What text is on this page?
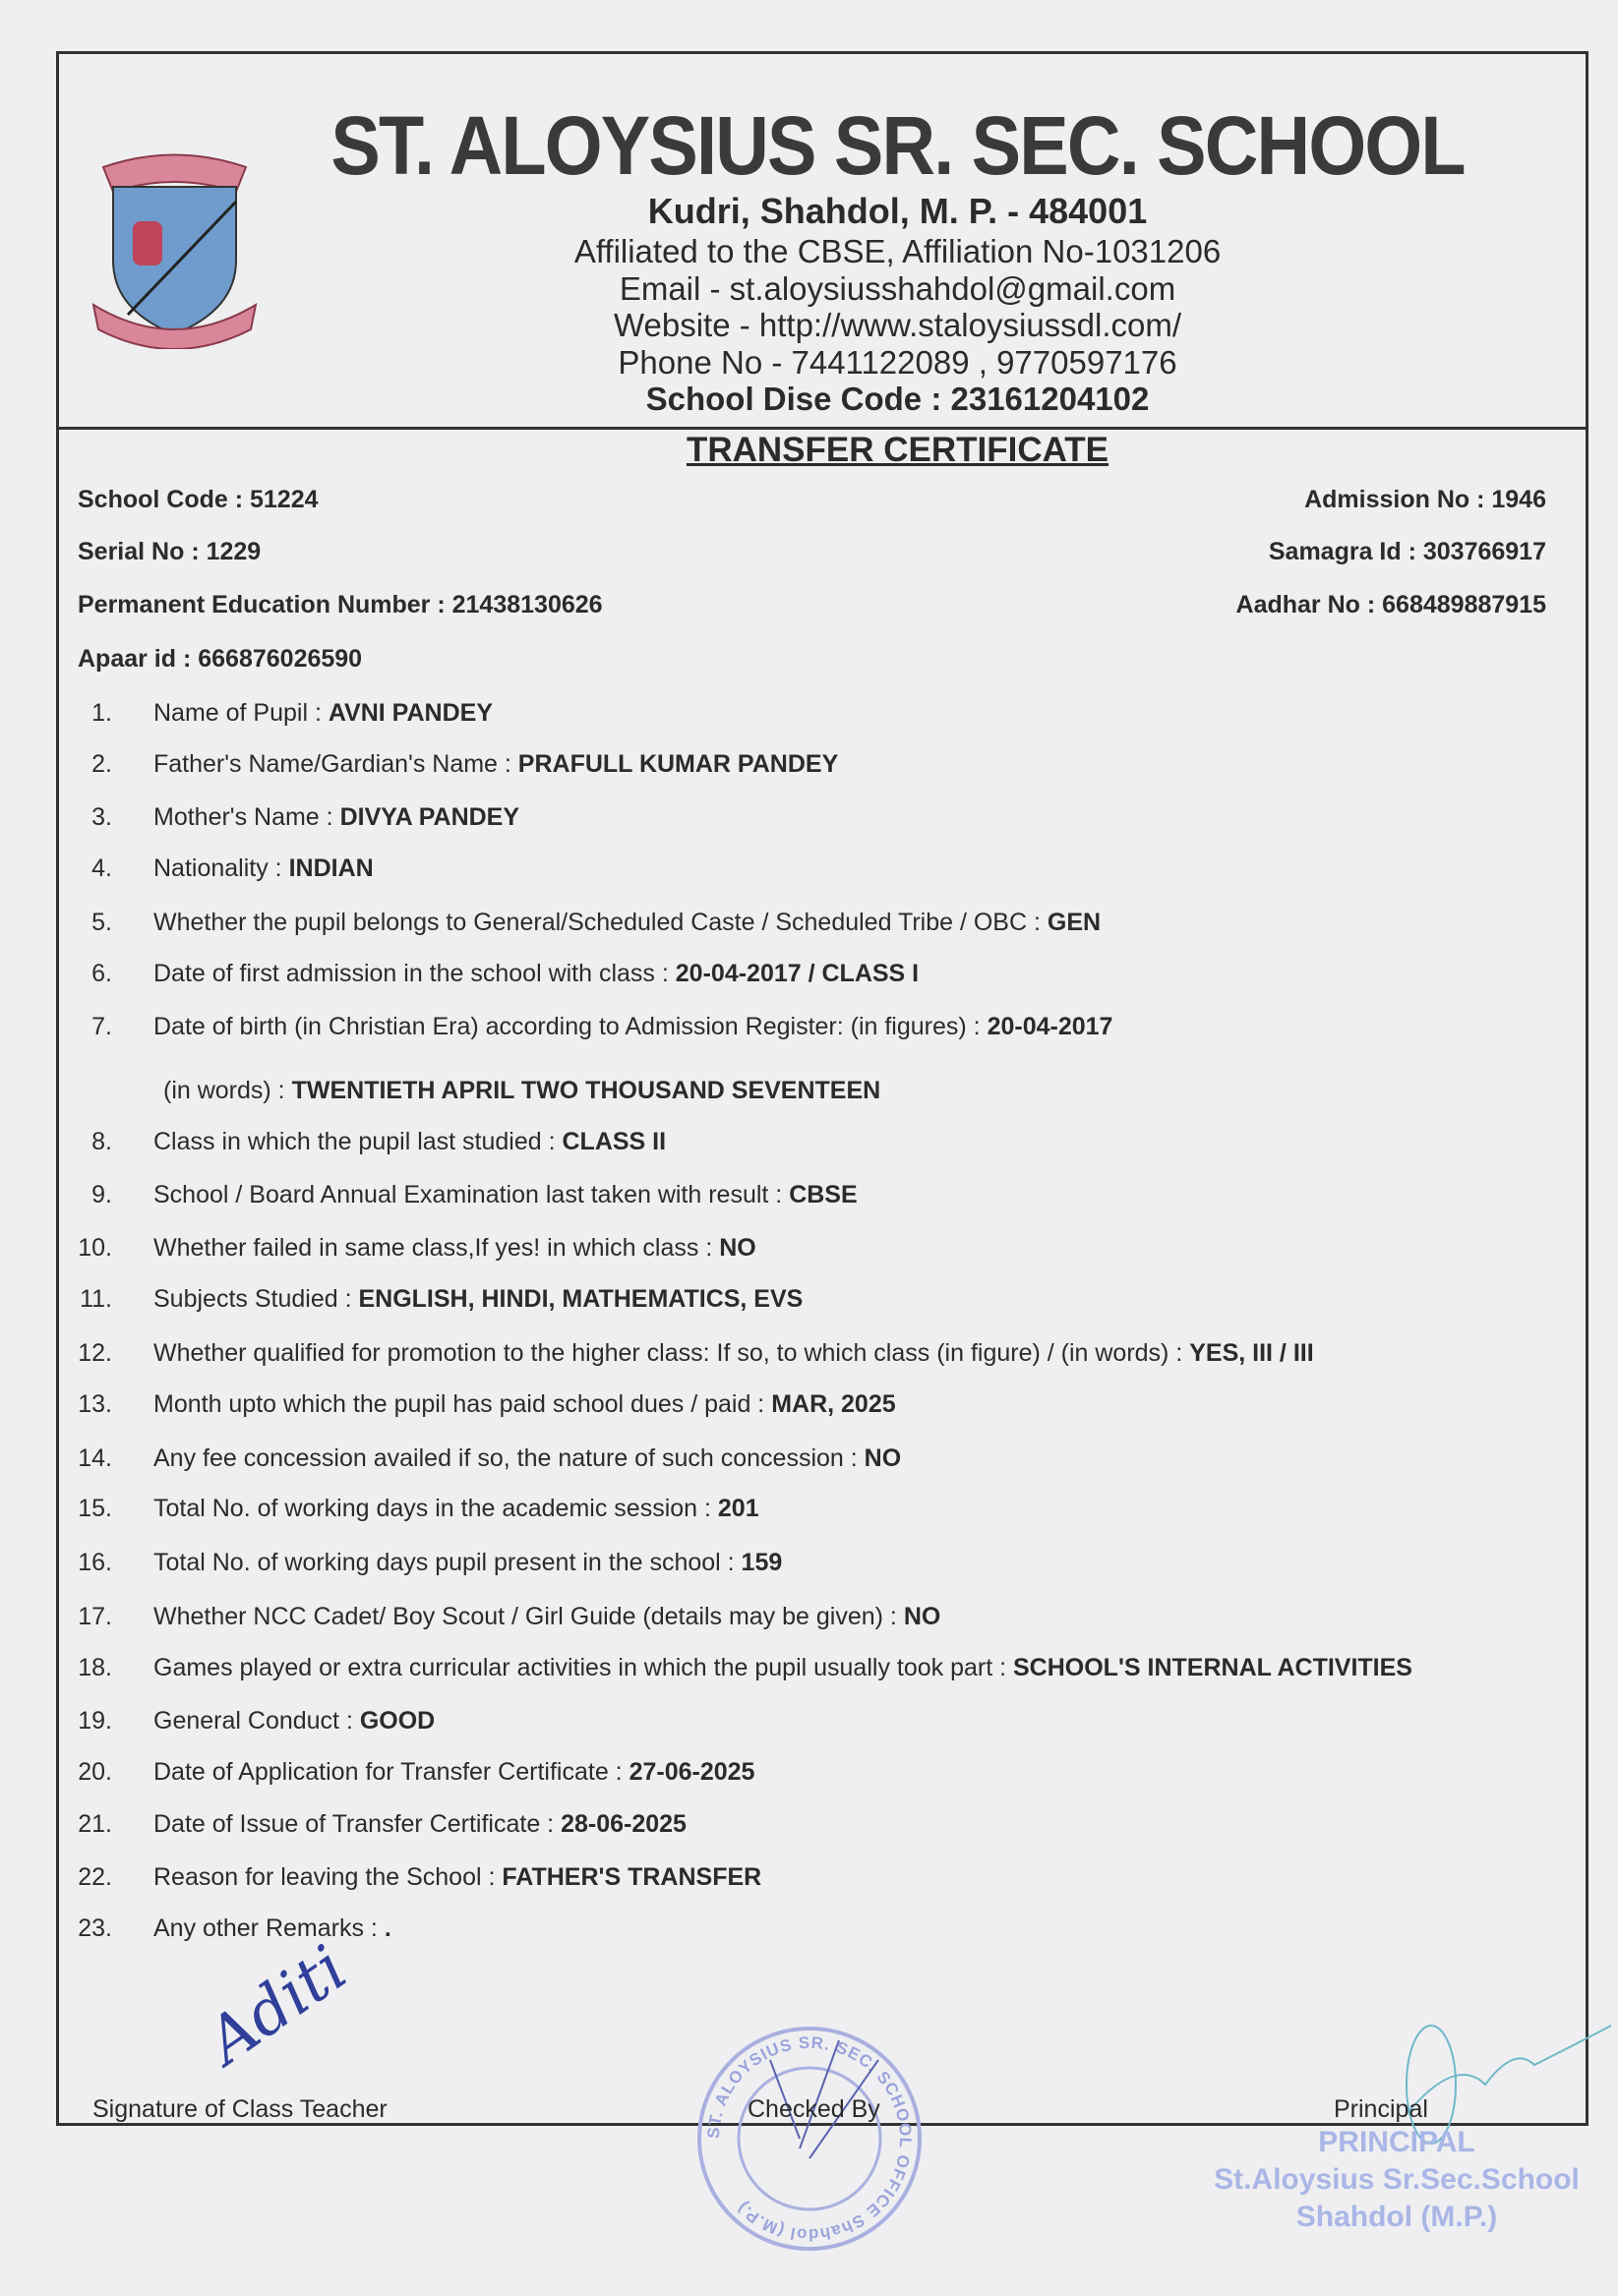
ST. ALOYSIUS SR. SEC. SCHOOL
Kudri, Shahdol, M. P. - 484001
Affiliated to the CBSE, Affiliation No-1031206
Email - st.aloysiusshahdol@gmail.com
Website - http://www.staloysiussdl.com/
Phone No - 7441122089 , 9770597176
School Dise Code : 23161204102
TRANSFER CERTIFICATE
School Code : 51224
Serial No : 1229
Permanent Education Number : 21438130626
Apaar id : 666876026590
Admission No : 1946
Samagra Id : 303766917
Aadhar No : 668489887915
1. Name of Pupil : AVNI PANDEY
2. Father's Name/Gardian's Name : PRAFULL KUMAR PANDEY
3. Mother's Name : DIVYA PANDEY
4. Nationality : INDIAN
5. Whether the pupil belongs to General/Scheduled Caste / Scheduled Tribe / OBC : GEN
6. Date of first admission in the school with class : 20-04-2017 / CLASS I
7. Date of birth (in Christian Era) according to Admission Register: (in figures) : 20-04-2017
(in words) : TWENTIETH APRIL TWO THOUSAND SEVENTEEN
8. Class in which the pupil last studied : CLASS II
9. School / Board Annual Examination last taken with result : CBSE
10. Whether failed in same class,If yes! in which class : NO
11. Subjects Studied : ENGLISH, HINDI, MATHEMATICS, EVS
12. Whether qualified for promotion to the higher class: If so, to which class (in figure) / (in words) : YES, III / III
13. Month upto which the pupil has paid school dues / paid : MAR, 2025
14. Any fee concession availed if so, the nature of such concession : NO
15. Total No. of working days in the academic session : 201
16. Total No. of working days pupil present in the school : 159
17. Whether NCC Cadet/ Boy Scout / Girl Guide (details may be given) : NO
18. Games played or extra curricular activities in which the pupil usually took part : SCHOOL'S INTERNAL ACTIVITIES
19. General Conduct : GOOD
20. Date of Application for Transfer Certificate : 27-06-2025
21. Date of Issue of Transfer Certificate : 28-06-2025
22. Reason for leaving the School : FATHER'S TRANSFER
23. Any other Remarks : .
Aditi
ST. ALOYSIUS SR. SEC. SCHOOL OFFICE Shahdol (M.P.)
Signature of Class Teacher	Checked By	Principal
PRINCIPAL
St.Aloysius Sr.Sec.School
Shahdol (M.P.)
